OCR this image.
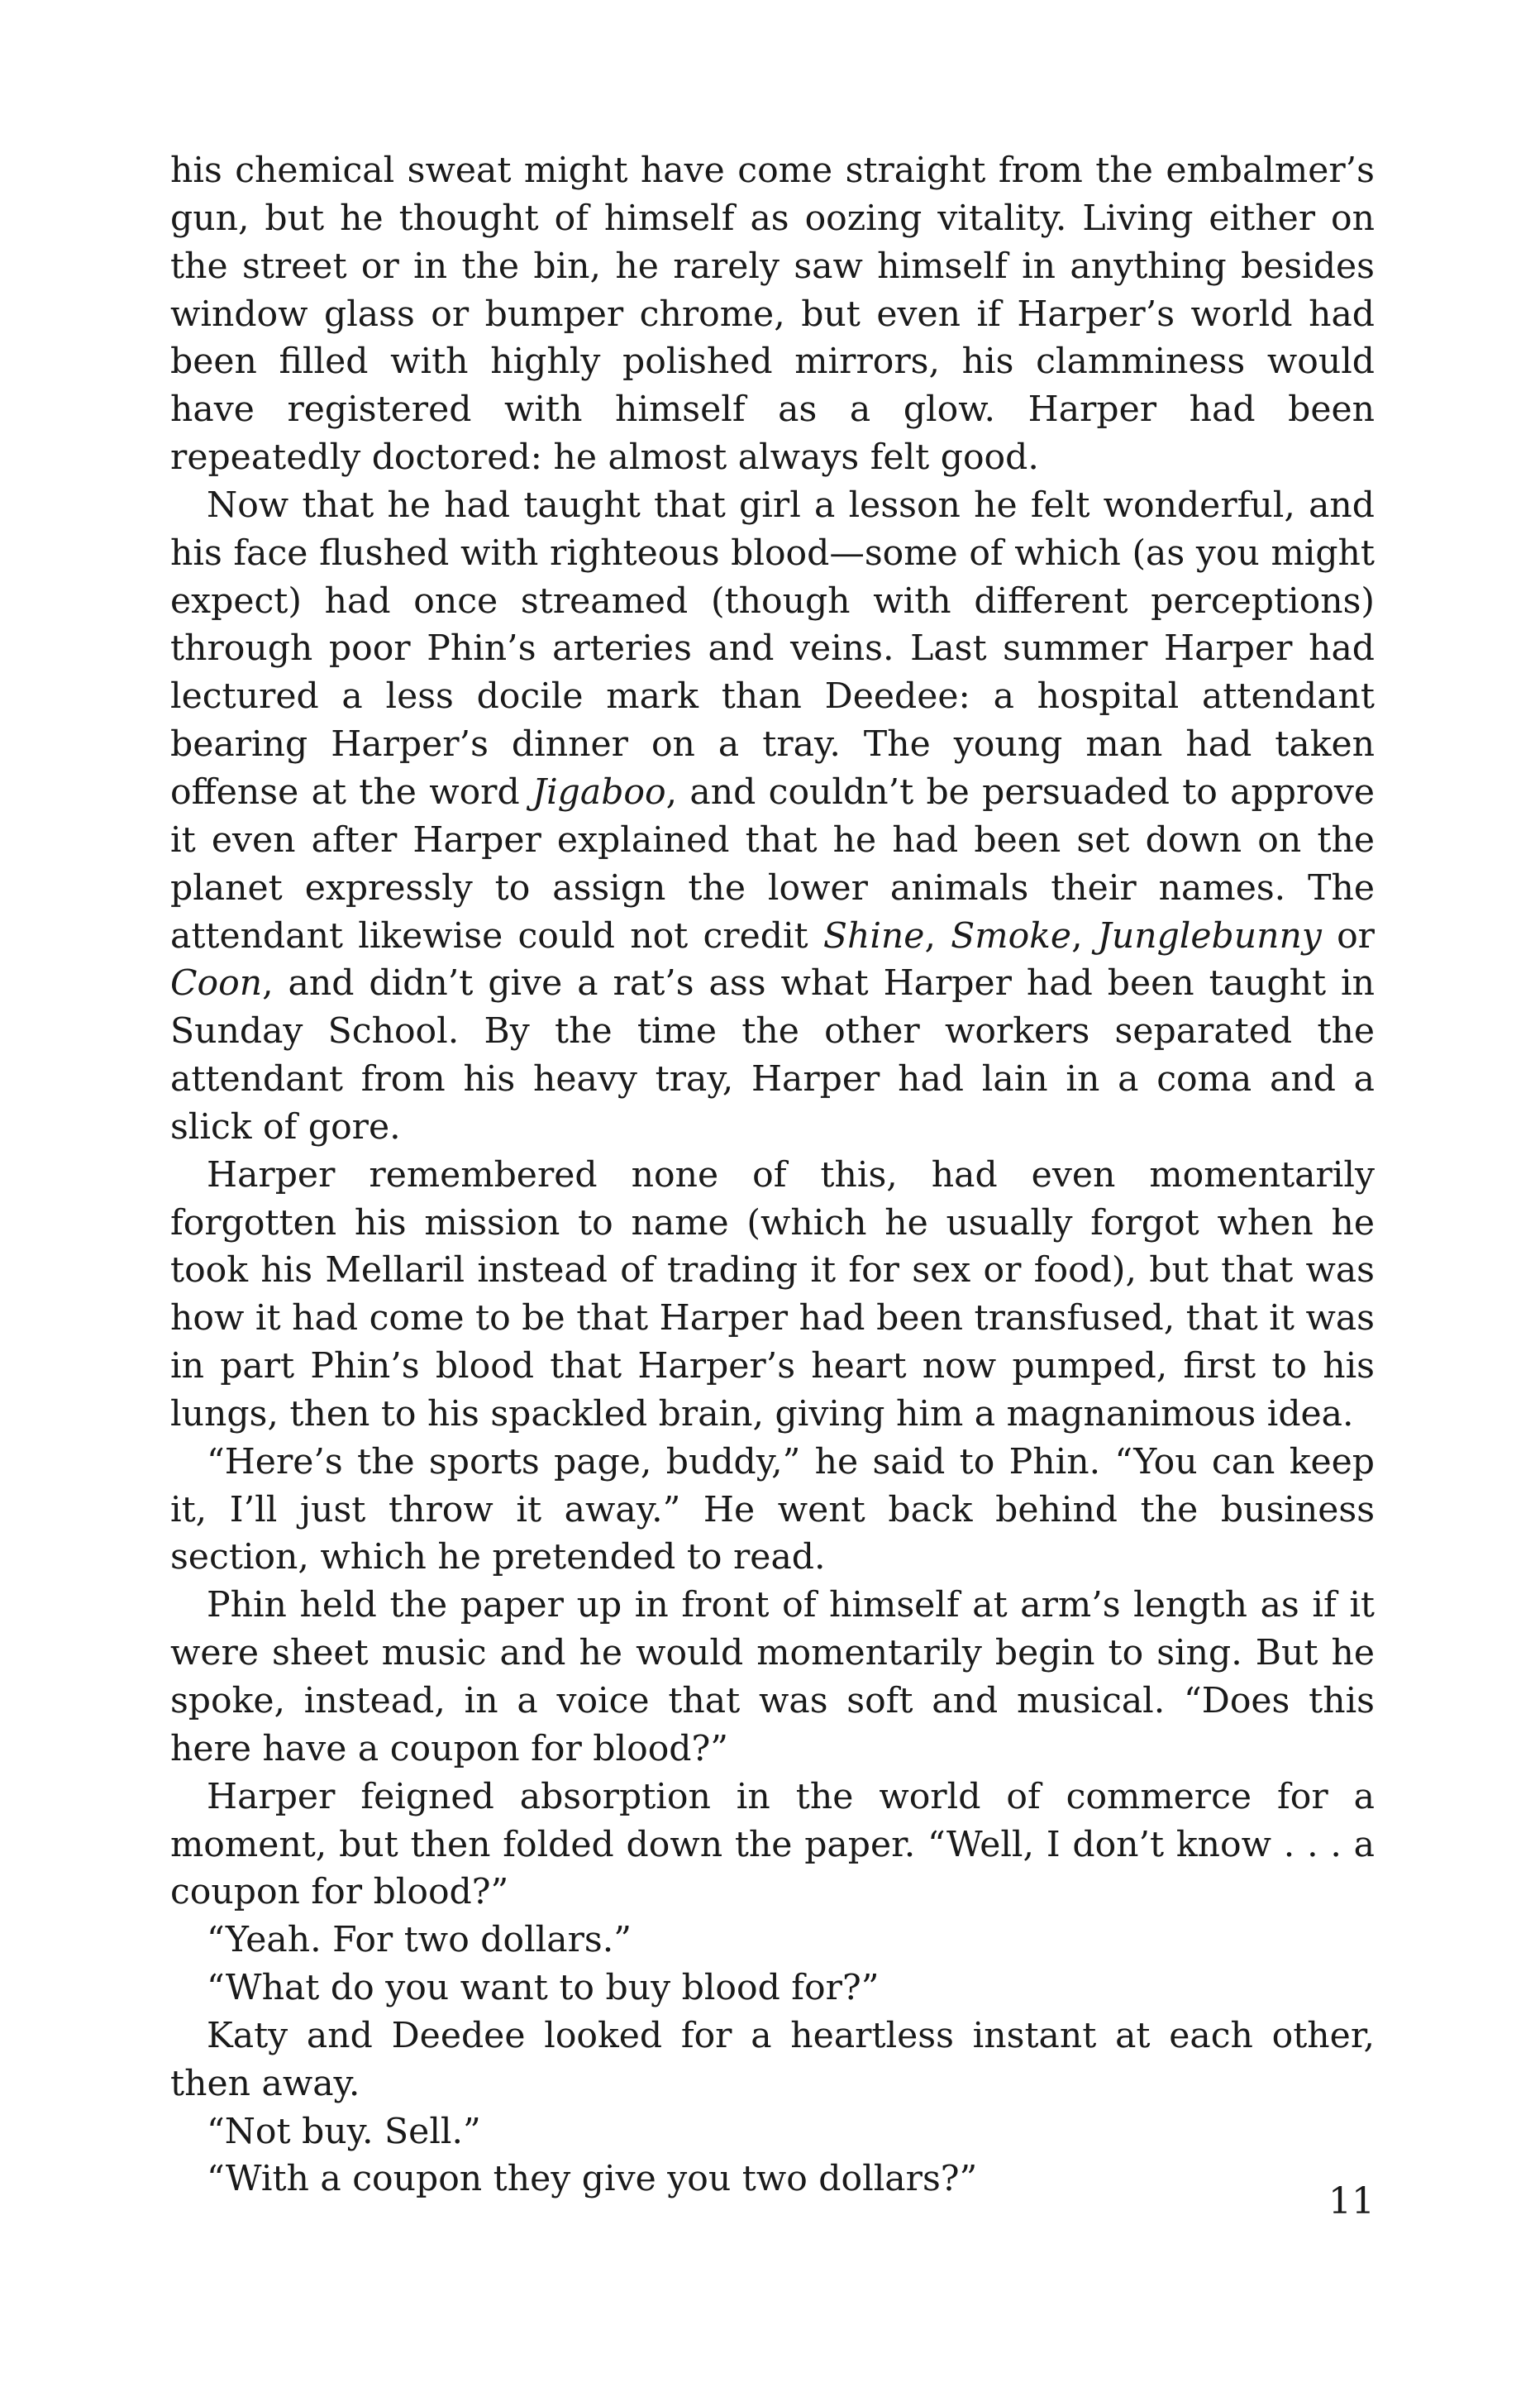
his chemical sweat might have come straight from the embalmer’s gun, but he thought of himself as oozing vitality. Living either on the street or in the bin, he rarely saw himself in anything besides window glass or bumper chrome, but even if Harper’s world had been filled with highly polished mirrors, his clamminess would have registered with himself as a glow. Harper had been repeatedly doctored: he almost always felt good.

Now that he had taught that girl a lesson he felt wonderful, and his face flushed with righteous blood—some of which (as you might expect) had once streamed (though with different perceptions) through poor Phin’s arteries and veins. Last summer Harper had lectured a less docile mark than Deedee: a hospital attendant bearing Harper’s dinner on a tray. The young man had taken offense at the word Jigaboo, and couldn’t be persuaded to approve it even after Harper explained that he had been set down on the planet expressly to assign the lower animals their names. The attendant likewise could not credit Shine, Smoke, Junglebunny or Coon, and didn’t give a rat’s ass what Harper had been taught in Sunday School. By the time the other workers separated the attendant from his heavy tray, Harper had lain in a coma and a slick of gore.

Harper remembered none of this, had even momentarily forgotten his mission to name (which he usually forgot when he took his Mellaril instead of trading it for sex or food), but that was how it had come to be that Harper had been transfused, that it was in part Phin’s blood that Harper’s heart now pumped, first to his lungs, then to his spackled brain, giving him a magnanimous idea.

“Here’s the sports page, buddy,” he said to Phin. “You can keep it, I’ll just throw it away.” He went back behind the business section, which he pretended to read.

Phin held the paper up in front of himself at arm’s length as if it were sheet music and he would momentarily begin to sing. But he spoke, instead, in a voice that was soft and musical. “Does this here have a coupon for blood?”

Harper feigned absorption in the world of commerce for a moment, but then folded down the paper. “Well, I don’t know . . . a coupon for blood?”

“Yeah. For two dollars.”

“What do you want to buy blood for?”

Katy and Deedee looked for a heartless instant at each other, then away.

“Not buy. Sell.”

“With a coupon they give you two dollars?”

11
